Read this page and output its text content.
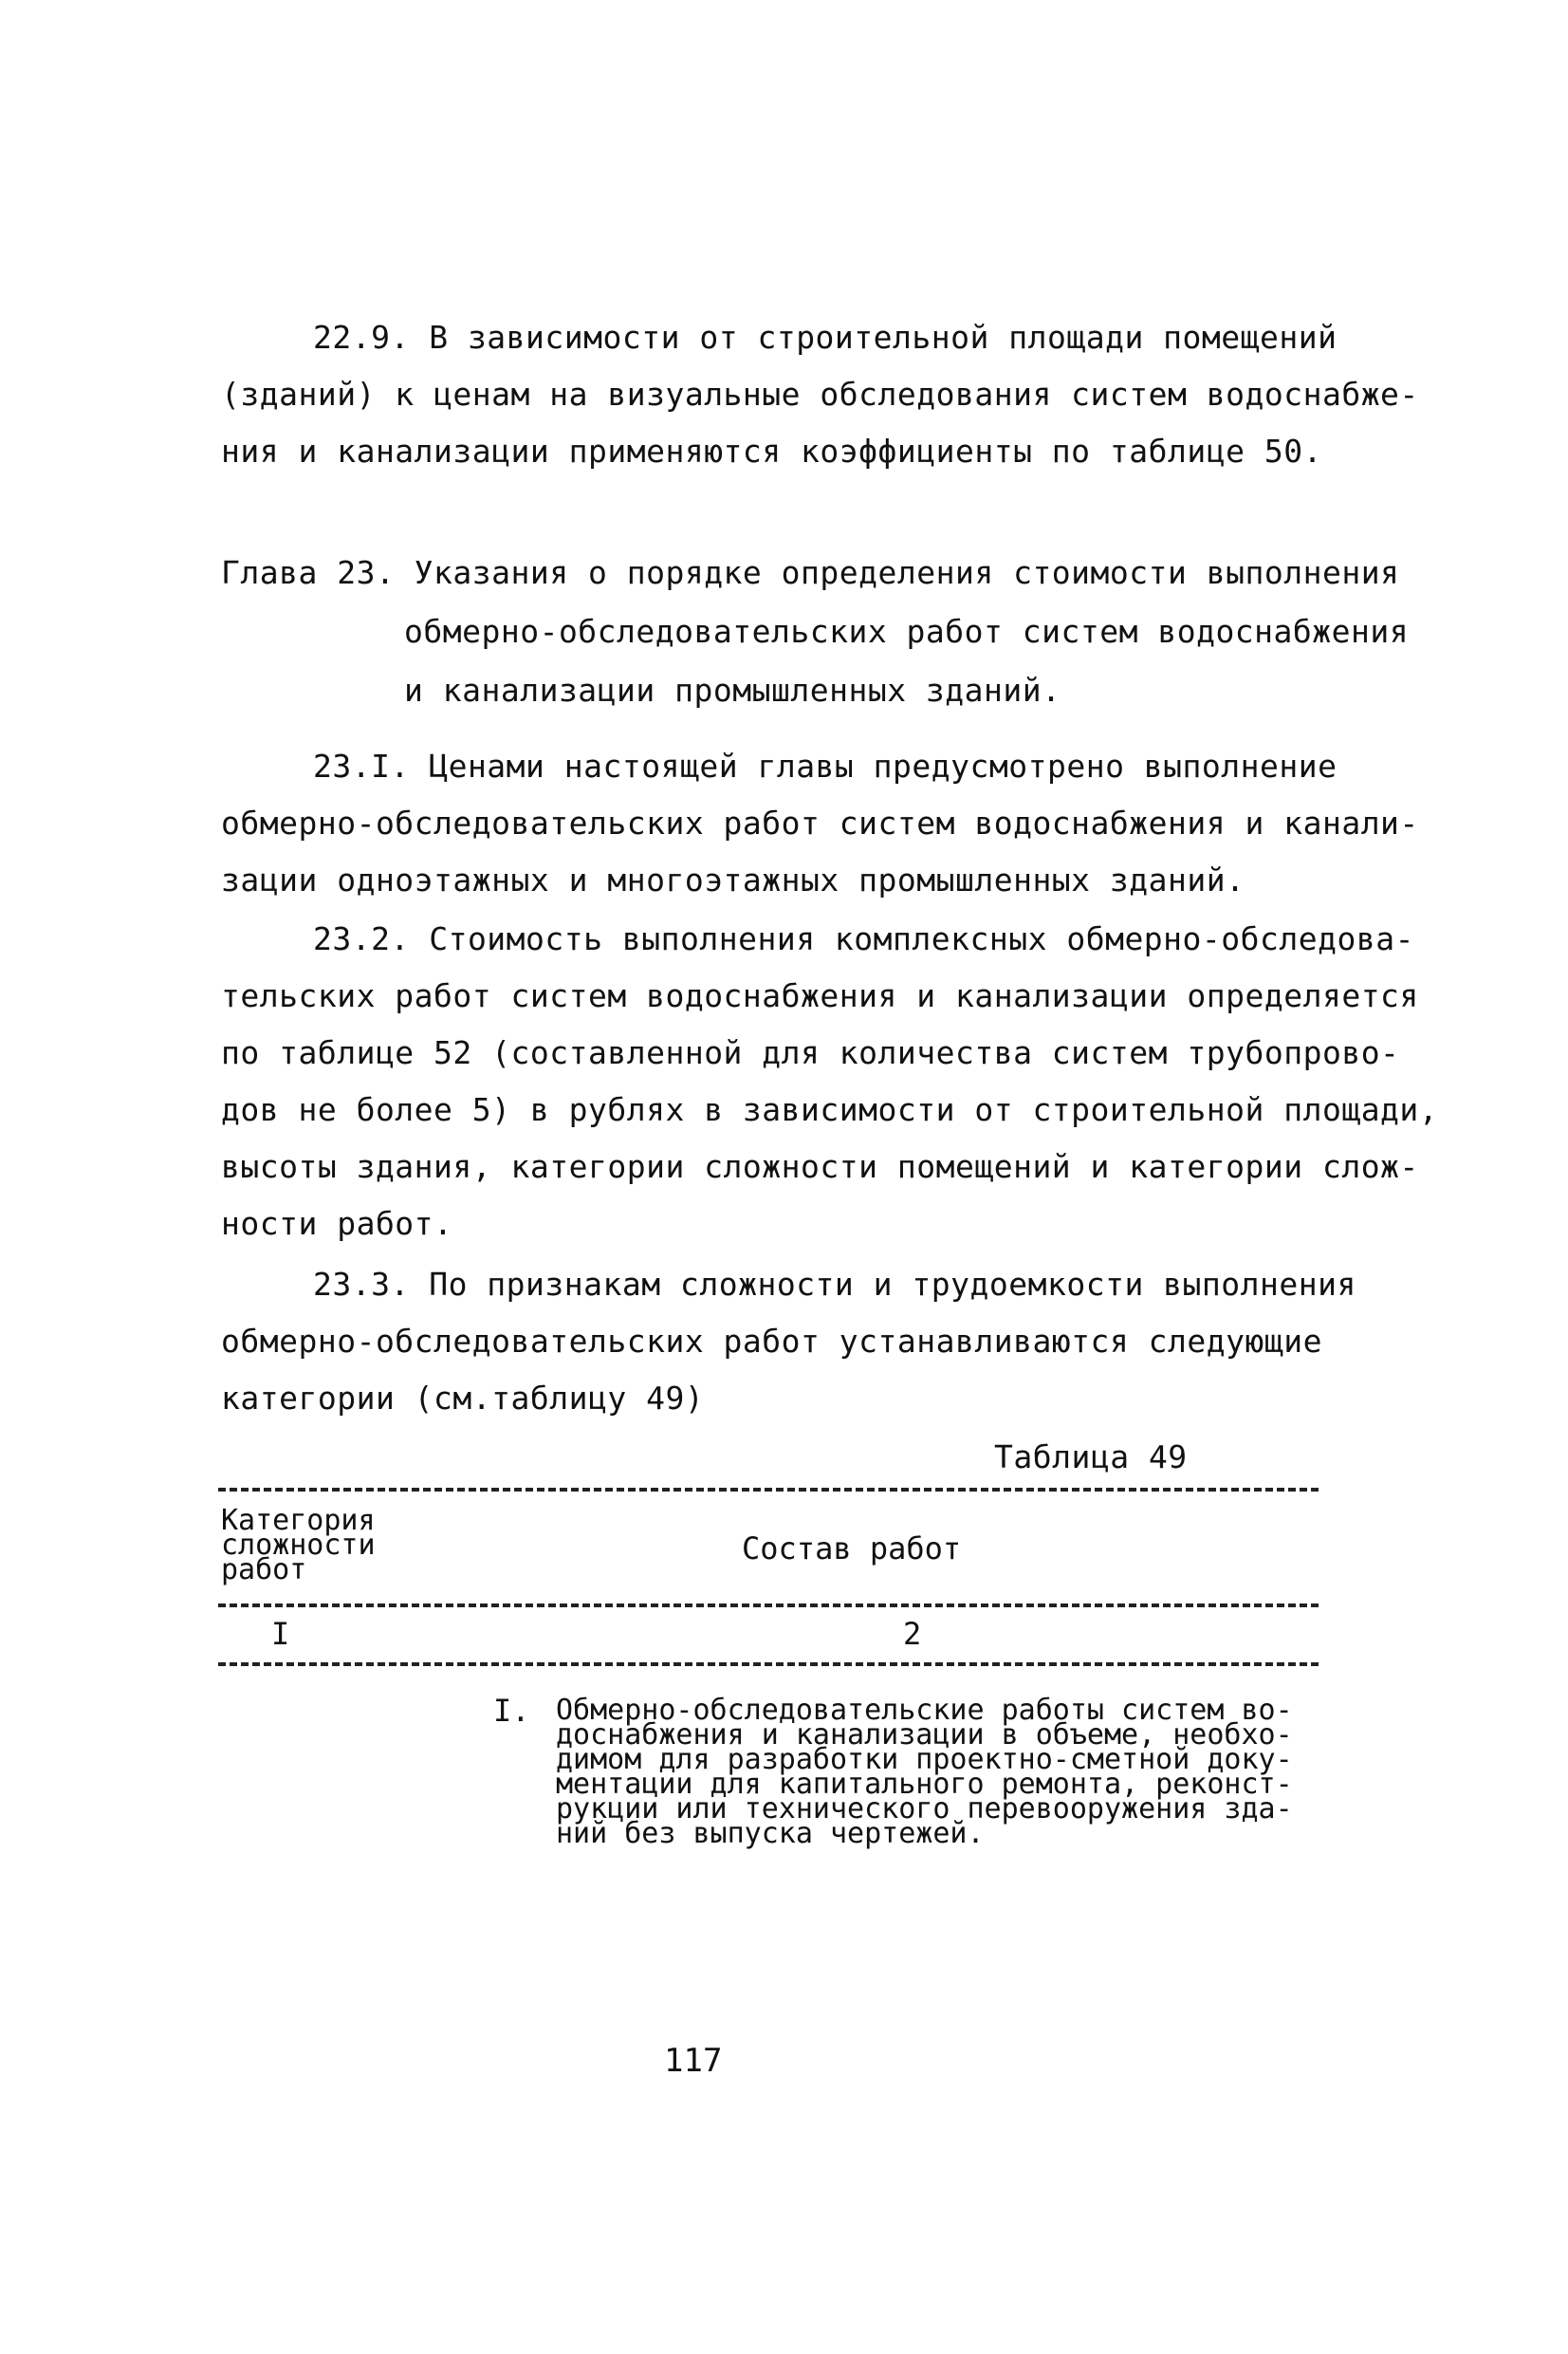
22.9. В зависимости от строительной площади помещений
(зданий) к ценам на визуальные обследования систем водоснабже-
ния и канализации применяются коэффициенты по таблице 50.
Глава 23. Указания о порядке определения стоимости выполнения
обмерно-обследовательских работ систем водоснабжения
и канализации промышленных зданий.
23.I. Ценами настоящей главы предусмотрено выполнение
обмерно-обследовательских работ систем водоснабжения и канали-
зации одноэтажных и многоэтажных промышленных зданий.
23.2. Стоимость выполнения комплексных обмерно-обследова-
тельских работ систем водоснабжения и канализации определяется
по таблице 52 (составленной для количества систем трубопрово-
дов не более 5) в рублях в зависимости от строительной площади,
высоты здания, категории сложности помещений и категории слож-
ности работ.
23.3. По признакам сложности и трудоемкости выполнения
обмерно-обследовательских работ устанавливаются следующие
категории (см.таблицу 49)
Таблица 49
Категория
сложности
работ
Состав работ
I	2
I. Обмерно-обследовательские работы систем во-
доснабжения и канализации в объеме, необхо-
димом для разработки проектно-сметной доку-
ментации для капитального ремонта, реконст-
рукции или технического перевооружения зда-
ний без выпуска чертежей.
117
